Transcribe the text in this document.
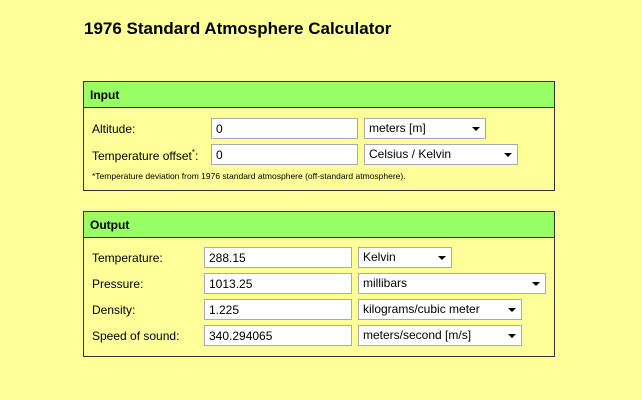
1976 Standard Atmosphere Calculator
Input
Altitude:
0	meters [m]
Temperature offset*:
0	Celsius / Kelvin
*Temperature deviation from 1976 standard atmosphere (off-standard atmosphere).
Output
Temperature:
288.15	Kelvin
Pressure:
1013.25	millibars
Density:
1.225	kilograms/cubic meter
Speed of sound:
340.294065	meters/second [m/s]
